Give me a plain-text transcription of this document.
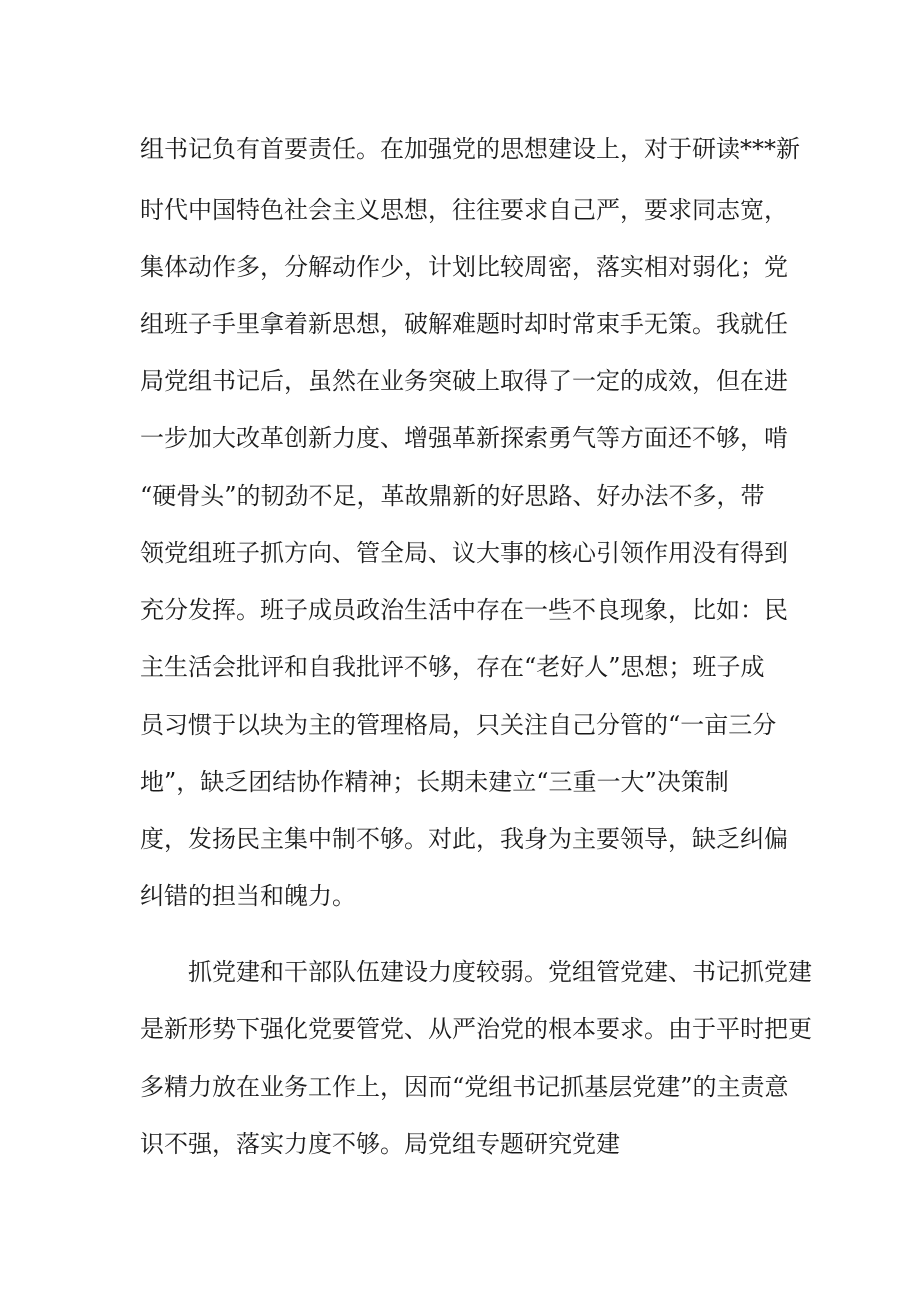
组书记负有首要责任。在加强党的思想建设上，对于研读***新
时代中国特色社会主义思想，往往要求自己严，要求同志宽，
集体动作多，分解动作少，计划比较周密，落实相对弱化；党
组班子手里拿着新思想，破解难题时却时常束手无策。我就任
局党组书记后，虽然在业务突破上取得了一定的成效，但在进
一步加大改革创新力度、增强革新探索勇气等方面还不够，啃
“硬骨头”的韧劲不足，革故鼎新的好思路、好办法不多，带
领党组班子抓方向、管全局、议大事的核心引领作用没有得到
充分发挥。班子成员政治生活中存在一些不良现象，比如：民
主生活会批评和自我批评不够，存在“老好人”思想；班子成
员习惯于以块为主的管理格局，只关注自己分管的“一亩三分
地”，缺乏团结协作精神；长期未建立“三重一大”决策制
度，发扬民主集中制不够。对此，我身为主要领导，缺乏纠偏
纠错的担当和魄力。
抓党建和干部队伍建设力度较弱。党组管党建、书记抓党建
是新形势下强化党要管党、从严治党的根本要求。由于平时把更
多精力放在业务工作上，因而“党组书记抓基层党建”的主责意
识不强，落实力度不够。局党组专题研究党建
